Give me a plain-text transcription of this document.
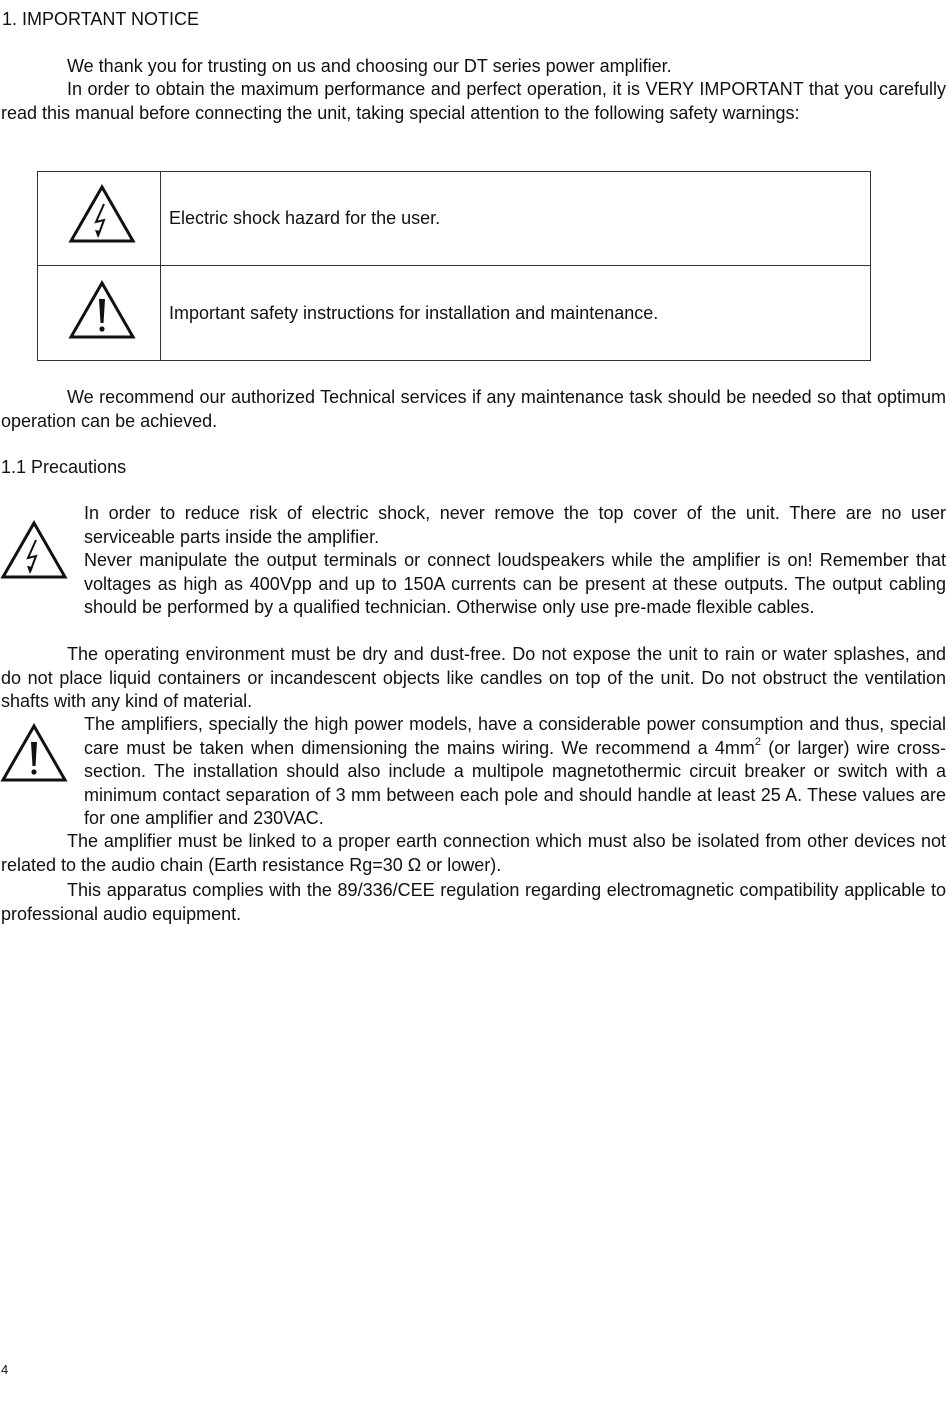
1. IMPORTANT NOTICE
We thank you for trusting on us and choosing our DT series power amplifier.
In order to obtain the maximum performance and perfect operation, it is VERY IMPORTANT that you carefully read this manual before connecting the unit, taking special attention to the following safety warnings:
Electric shock hazard for the user.
Important safety instructions for installation and maintenance.
We recommend our authorized Technical services if any maintenance task should be needed so that optimum operation can be achieved.
1.1 Precautions
In order to reduce risk of electric shock, never remove the top cover of the unit. There are no user serviceable parts inside the amplifier.
Never manipulate the output terminals or connect loudspeakers while the amplifier is on! Remember that voltages as high as 400Vpp and up to 150A currents can be present at these outputs. The output cabling should be performed by a qualified technician. Otherwise only use pre-made flexible cables.
The operating environment must be dry and dust-free. Do not expose the unit to rain or water splashes, and do not place liquid containers or incandescent objects like candles on top of the unit. Do not obstruct the ventilation shafts with any kind of material.
The amplifiers, specially the high power models, have a considerable power consumption and thus, special care must be taken when dimensioning the mains wiring. We recommend a $4mm^2$ (or larger) wire cross-section. The installation should also include a multipole magnetothermic circuit breaker or switch with a minimum contact separation of 3 mm between each pole and should handle at least 25 A. These values are for one amplifier and 230VAC.
The amplifier must be linked to a proper earth connection which must also be isolated from other devices not related to the audio chain (Earth resistance Rg=30 Ω or lower).
This apparatus complies with the 89/336/CEE regulation regarding electromagnetic compatibility applicable to professional audio equipment.
4
